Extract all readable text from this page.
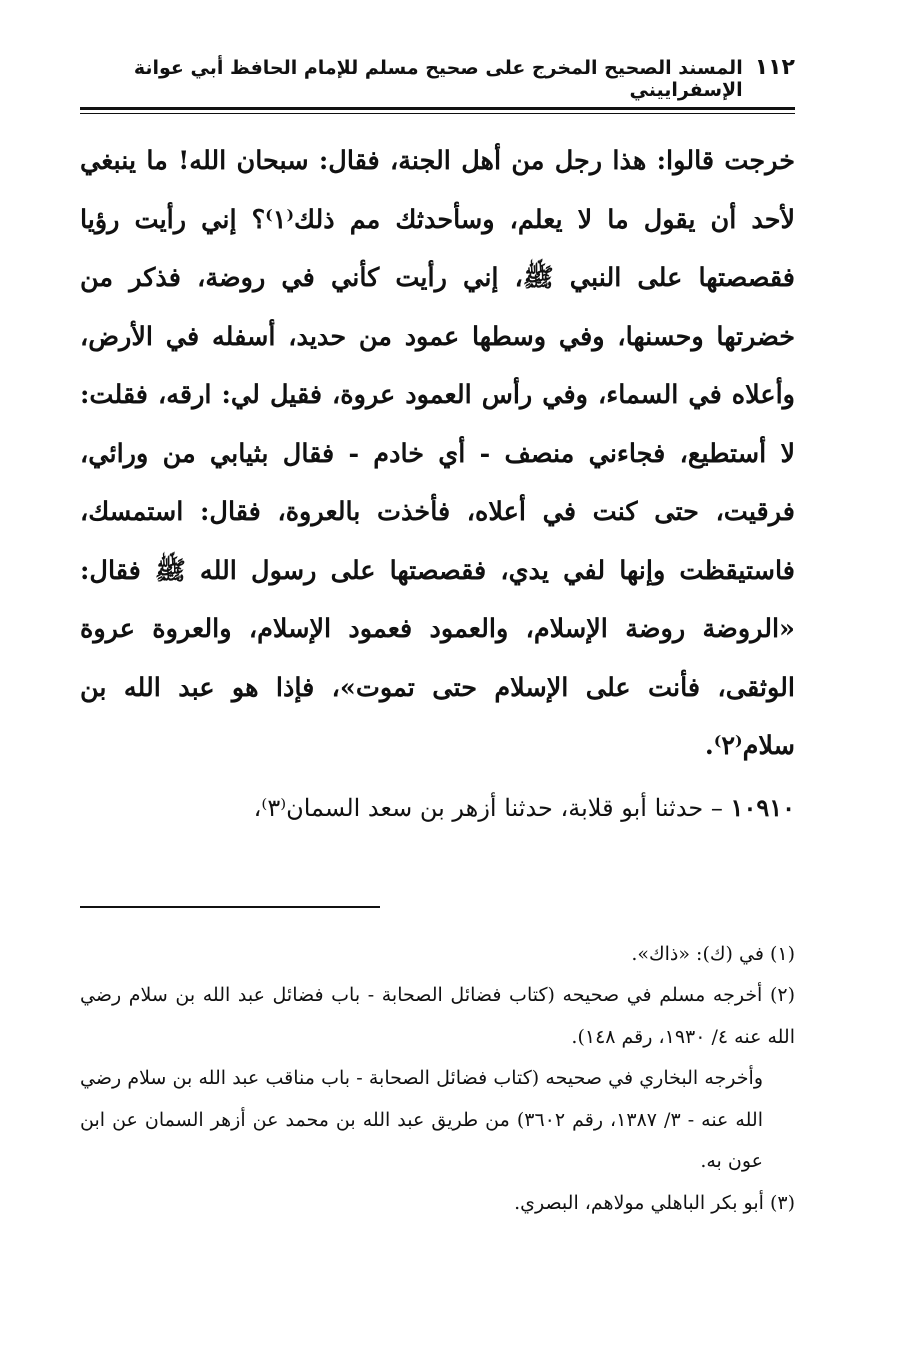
١١٢
المسند الصحيح المخرج على صحيح مسلم للإمام الحافظ أبي عوانة الإسفراييني

خرجت قالوا: هذا رجل من أهل الجنة، فقال: سبحان الله! ما ينبغي لأحد أن يقول ما لا يعلم، وسأحدثك مم ذلك⁽١⁾؟ إني رأيت رؤيا فقصصتها على النبي ﷺ، إني رأيت كأني في روضة، فذكر من خضرتها وحسنها، وفي وسطها عمود من حديد، أسفله في الأرض، وأعلاه في السماء، وفي رأس العمود عروة، فقيل لي: ارقه، فقلت: لا أستطيع، فجاءني منصف - أي خادم - فقال بثيابي من ورائي، فرقيت، حتى كنت في أعلاه، فأخذت بالعروة، فقال: استمسك، فاستيقظت وإنها لفي يدي، فقصصتها على رسول الله ﷺ فقال: «الروضة روضة الإسلام، والعمود فعمود الإسلام، والعروة عروة الوثقى، فأنت على الإسلام حتى تموت»، فإذا هو عبد الله بن سلام⁽٢⁾.

١٠٩١٠ – حدثنا أبو قلابة، حدثنا أزهر بن سعد السمان⁽٣⁾،

(١) في (ك): «ذاك».

(٢) أخرجه مسلم في صحيحه (كتاب فضائل الصحابة - باب فضائل عبد الله بن سلام رضي الله عنه ٤/ ١٩٣٠، رقم ١٤٨).

وأخرجه البخاري في صحيحه (كتاب فضائل الصحابة - باب مناقب عبد الله بن سلام رضي الله عنه - ٣/ ١٣٨٧، رقم ٣٦٠٢) من طريق عبد الله بن محمد عن أزهر السمان عن ابن عون به.

(٣) أبو بكر الباهلي مولاهم، البصري.
